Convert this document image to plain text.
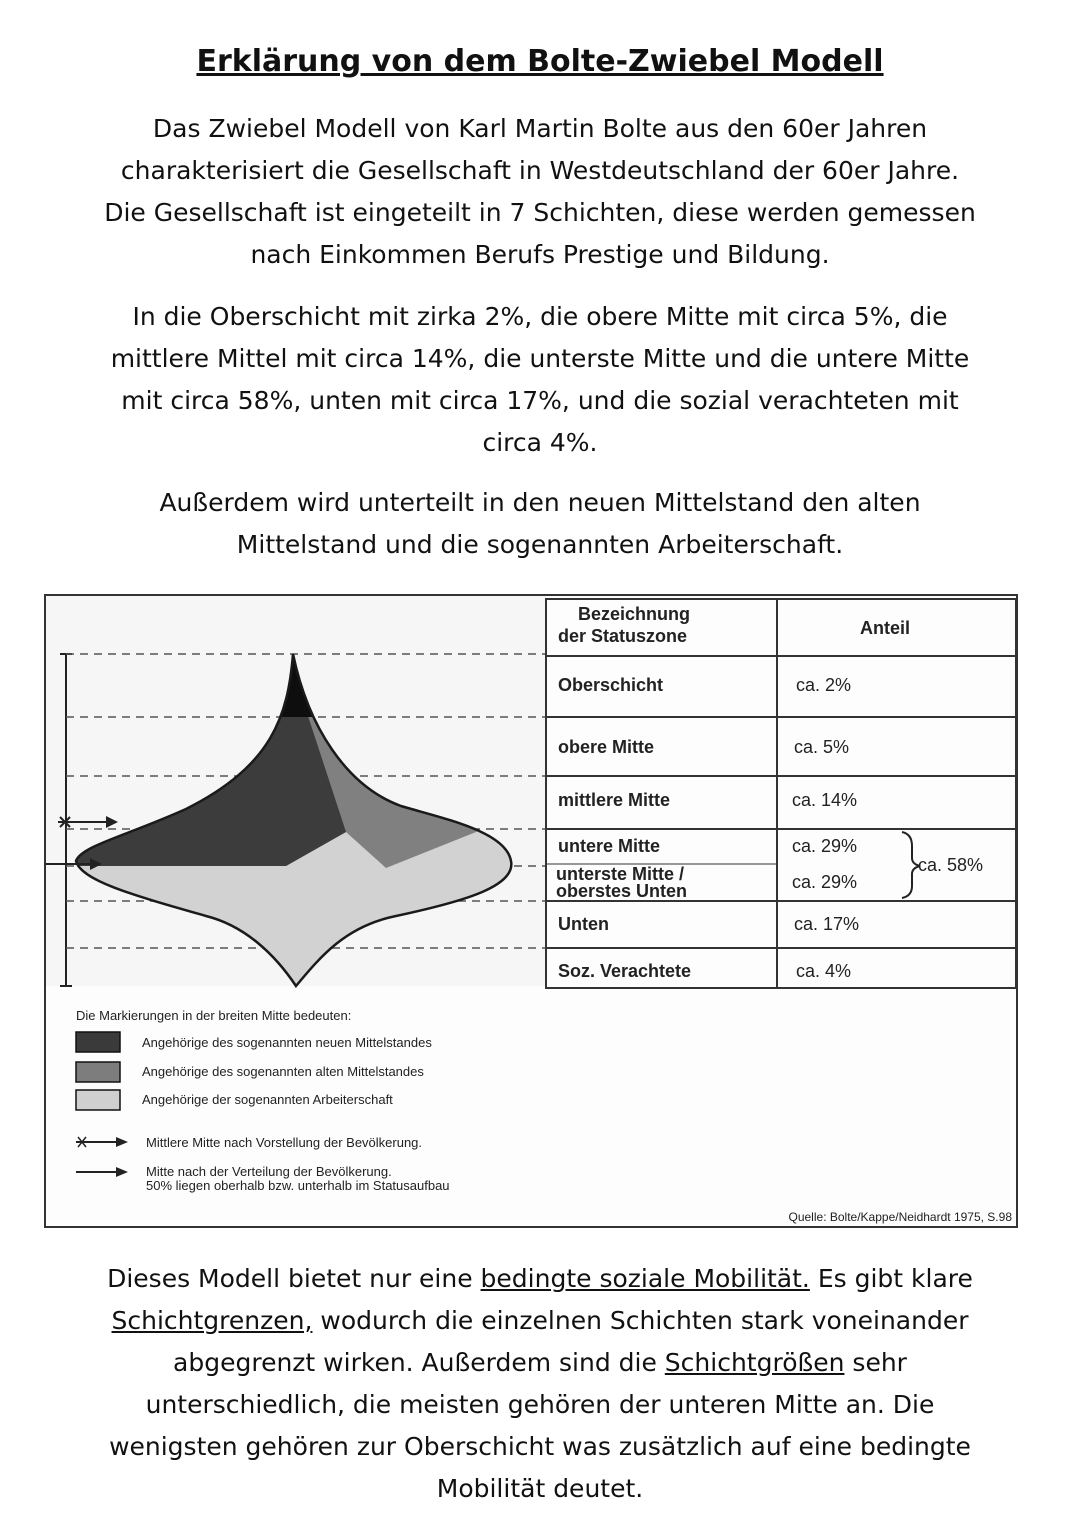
Erklärung von dem Bolte-Zwiebel Modell

Das Zwiebel Modell von Karl Martin Bolte aus den 60er Jahren
charakterisiert die Gesellschaft in Westdeutschland der 60er Jahre.
Die Gesellschaft ist eingeteilt in 7 Schichten, diese werden gemessen
nach Einkommen Berufs Prestige und Bildung.

In die Oberschicht mit zirka 2%, die obere Mitte mit circa 5%, die
mittlere Mittel mit circa 14%, die unterste Mitte und die untere Mitte
mit circa 58%, unten mit circa 17%, und die sozial verachteten mit
circa 4%.

Außerdem wird unterteilt in den neuen Mittelstand den alten
Mittelstand und die sogenannten Arbeiterschaft.

Bezeichnung
der Statuszone	Anteil
Oberschicht
obere Mitte
mittlere Mitte
untere Mitte
unterste Mitte /
oberstes Unten
Unten
Soz. Verachtete
ca. 2%
ca. 5%
ca. 14%
ca. 29%
ca. 29%
ca. 17%
ca. 4%
ca. 58%
Die Markierungen in der breiten Mitte bedeuten:
Angehörige des sogenannten neuen Mittelstandes
Angehörige des sogenannten alten Mittelstandes
Angehörige der sogenannten Arbeiterschaft
Mittlere Mitte nach Vorstellung der Bevölkerung.
Mitte nach der Verteilung der Bevölkerung.
50% liegen oberhalb bzw. unterhalb im Statusaufbau
Quelle: Bolte/Kappe/Neidhardt 1975, S.98

Dieses Modell bietet nur eine bedingte soziale Mobilität. Es gibt klare
Schichtgrenzen, wodurch die einzelnen Schichten stark voneinander
abgegrenzt wirken. Außerdem sind die Schichtgrößen sehr
unterschiedlich, die meisten gehören der unteren Mitte an. Die
wenigsten gehören zur Oberschicht was zusätzlich auf eine bedingte
Mobilität deutet.
